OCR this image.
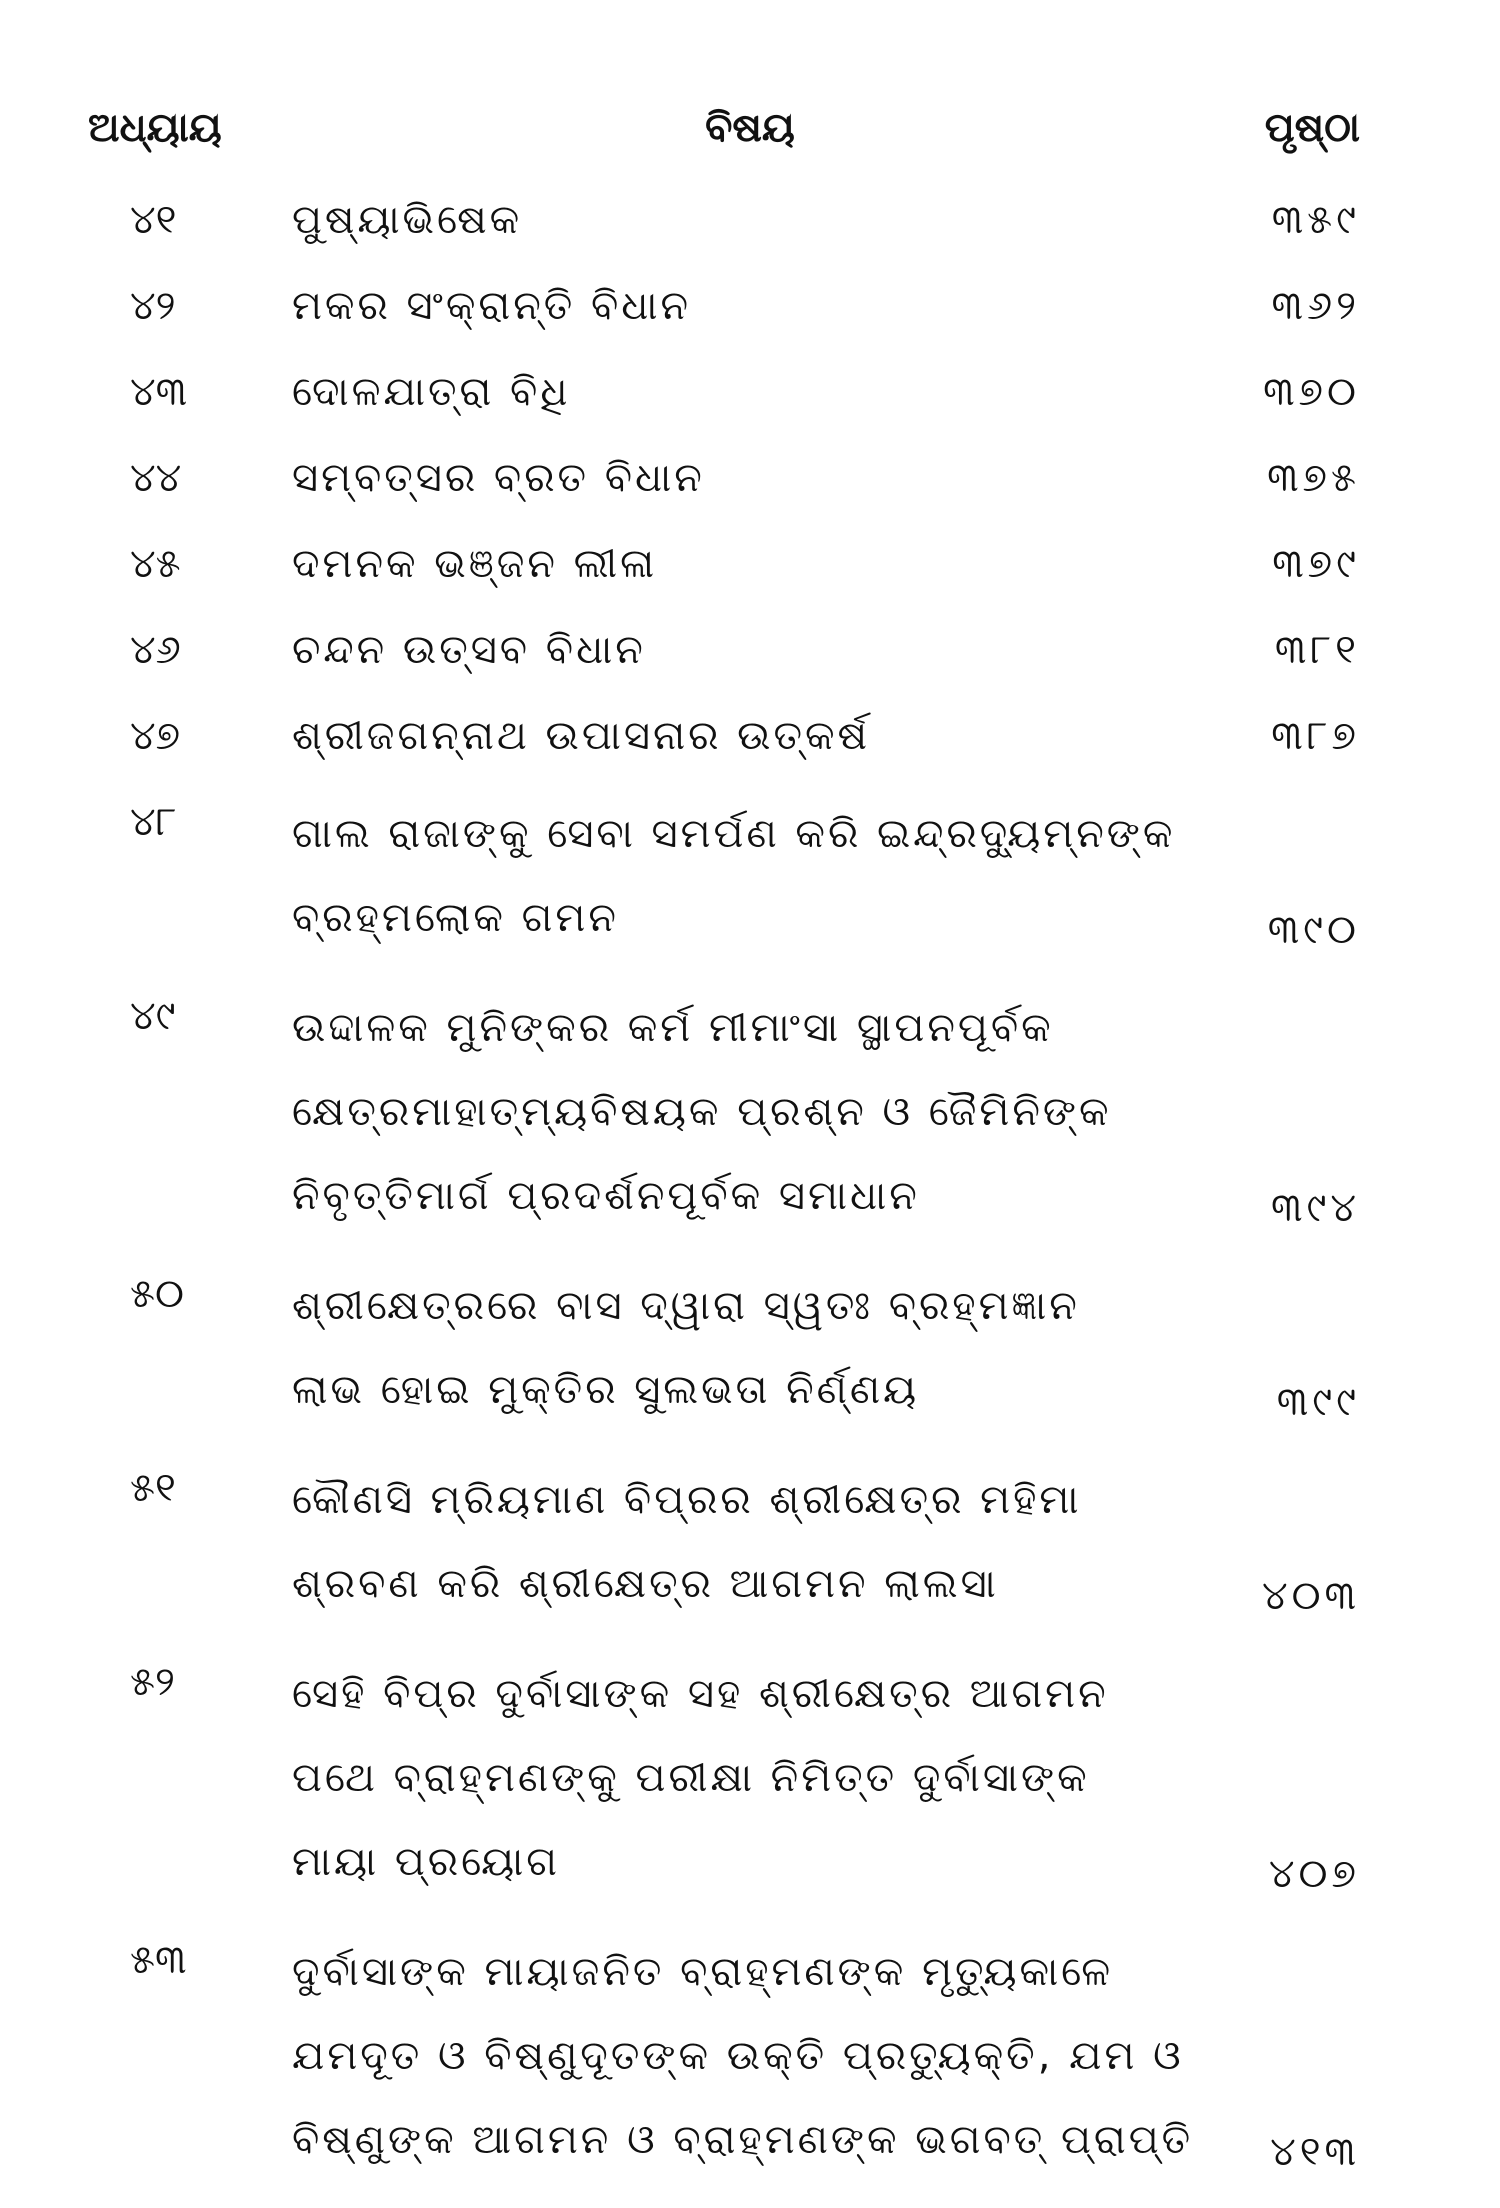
ଅଧ୍ୟାୟ	ବିଷୟ	ପୃଷ୍ଠା
୪୧	ପୁଷ୍ୟାଭିଷେକ	୩୫୯
୪୨	ମକର ସଂକ୍ରାନ୍ତି ବିଧାନ	୩୬୨
୪୩	ଦୋଳଯାତ୍ରା ବିଧି	୩୭୦
୪୪	ସମ୍ବତ୍ସର ବ୍ରତ ବିଧାନ	୩୭୫
୪୫	ଦମନକ ଭଞ୍ଜନ ଲୀଳା	୩୭୯
୪୬	ଚନ୍ଦନ ଉତ୍ସବ ବିଧାନ	୩୮୧
୪୭	ଶ୍ରୀଜଗନ୍ନାଥ ଉପାସନାର ଉତ୍କର୍ଷ	୩୮୭
୪୮	ଗାଲ ରାଜାଙ୍କୁ ସେବା ସମର୍ପଣ କରି ଇନ୍ଦ୍ରଦ୍ୟୁମ୍ନଙ୍କ
ବ୍ରହ୍ମଲୋକ ଗମନ	୩୯୦
୪୯	ଉଦ୍ଦାଳକ ମୁନିଙ୍କର କର୍ମ ମୀମାଂସା ସ୍ଥାପନପୂର୍ବକ
କ୍ଷେତ୍ରମାହାତ୍ମ୍ୟବିଷୟକ ପ୍ରଶ୍ନ ଓ ଜୈମିନିଙ୍କ
ନିବୃତ୍ତିମାର୍ଗ ପ୍ରଦର୍ଶନପୂର୍ବକ ସମାଧାନ	୩୯୪
୫୦	ଶ୍ରୀକ୍ଷେତ୍ରରେ ବାସ ଦ୍ୱାରା ସ୍ୱତଃ ବ୍ରହ୍ମଜ୍ଞାନ
ଲାଭ ହୋଇ ମୁକ୍ତିର ସୁଲଭତା ନିର୍ଣ୍ଣୟ	୩୯୯
୫୧	କୌଣସି ମ୍ରିୟମାଣ ବିପ୍ରର ଶ୍ରୀକ୍ଷେତ୍ର ମହିମା
ଶ୍ରବଣ କରି ଶ୍ରୀକ୍ଷେତ୍ର ଆଗମନ ଲାଲସା	୪୦୩
୫୨	ସେହି ବିପ୍ର ଦୁର୍ବାସାଙ୍କ ସହ ଶ୍ରୀକ୍ଷେତ୍ର ଆଗମନ
ପଥେ ବ୍ରାହ୍ମଣଙ୍କୁ ପରୀକ୍ଷା ନିମିତ୍ତ ଦୁର୍ବାସାଙ୍କ
ମାୟା ପ୍ରୟୋଗ	୪୦୭
୫୩	ଦୁର୍ବାସାଙ୍କ ମାୟାଜନିତ ବ୍ରାହ୍ମଣଙ୍କ ମୃତ୍ୟୁକାଳେ
ଯମଦୂତ ଓ ବିଷ୍ଣୁଦୂତଙ୍କ ଉକ୍ତି ପ୍ରତ୍ୟୁକ୍ତି, ଯମ ଓ
ବିଷ୍ଣୁଙ୍କ ଆଗମନ ଓ ବ୍ରାହ୍ମଣଙ୍କ ଭଗବତ୍ ପ୍ରାପ୍ତି	୪୧୩
